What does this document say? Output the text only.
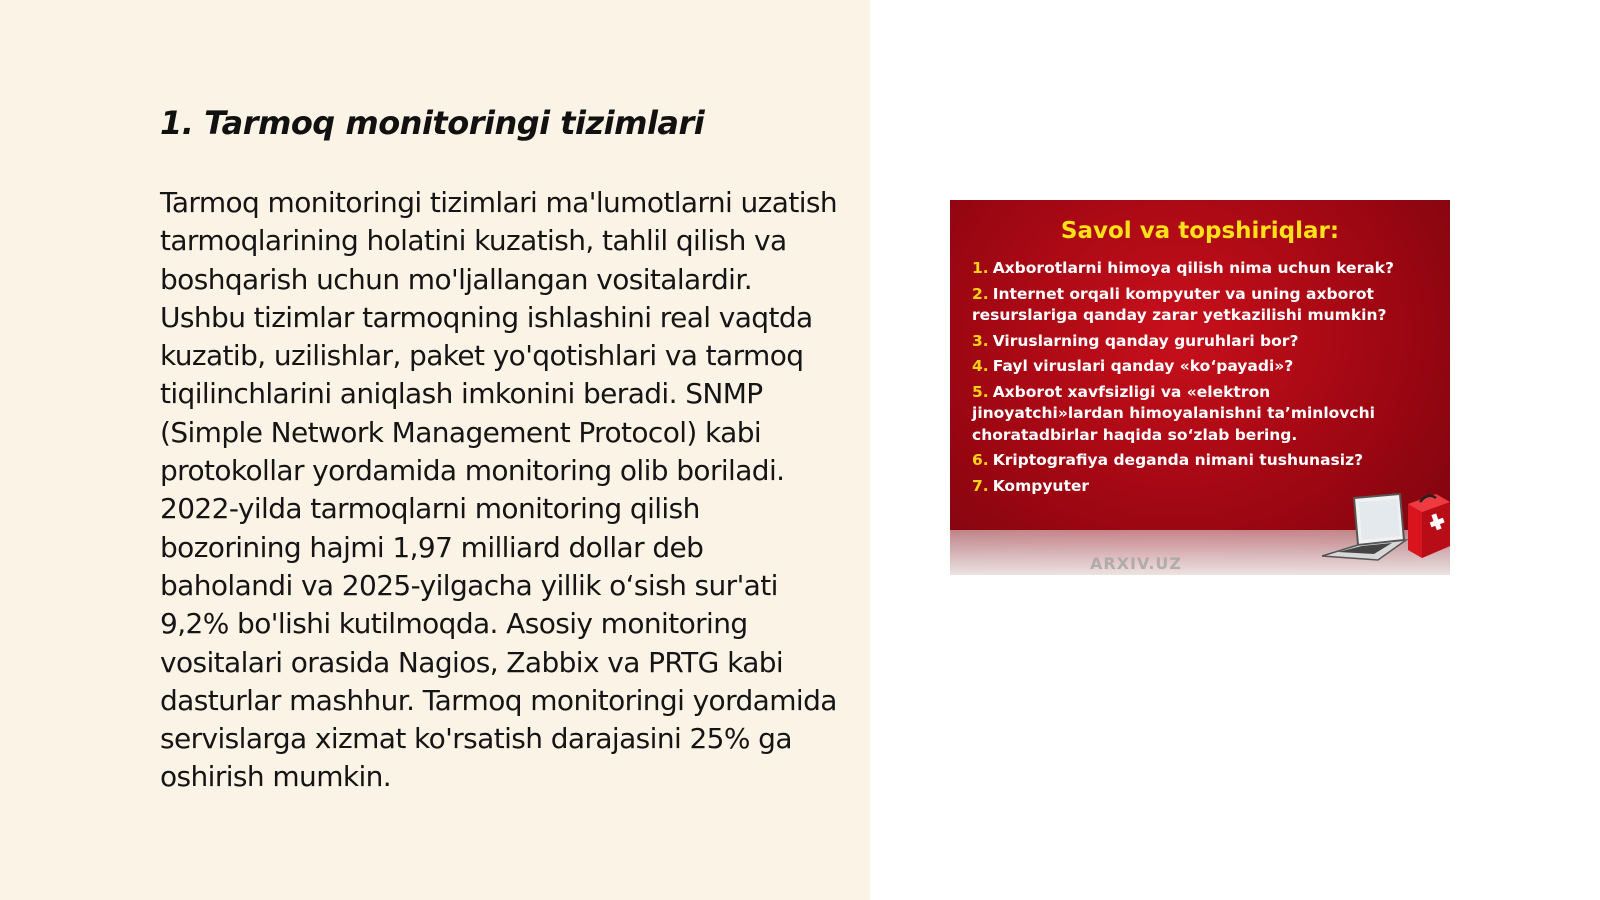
1. Tarmoq monitoringi tizimlari

Tarmoq monitoringi tizimlari ma'lumotlarni uzatish tarmoqlarining holatini kuzatish, tahlil qilish va boshqarish uchun mo'ljallangan vositalardir. Ushbu tizimlar tarmoqning ishlashini real vaqtda kuzatib, uzilishlar, paket yo'qotishlari va tarmoq tiqilinchlarini aniqlash imkonini beradi. SNMP (Simple Network Management Protocol) kabi protokollar yordamida monitoring olib boriladi. 2022-yilda tarmoqlarni monitoring qilish bozorining hajmi 1,97 milliard dollar deb baholandi va 2025-yilgacha yillik o‘sish sur'ati 9,2% bo'lishi kutilmoqda. Asosiy monitoring vositalari orasida Nagios, Zabbix va PRTG kabi dasturlar mashhur. Tarmoq monitoringi yordamida servislarga xizmat ko'rsatish darajasini 25% ga oshirish mumkin.

Savol va topshiriqlar:
1. Axborotlarni himoya qilish nima uchun kerak?
2. Internet orqali kompyuter va uning axborot resurslariga qanday zarar yetkazilishi mumkin?
3. Viruslarning qanday guruhlari bor?
4. Fayl viruslari qanday «ko‘payadi»?
5. Axborot xavfsizligi va «elektron jinoyatchi»lardan himoyalanishni ta’minlovchi choratadbirlar haqida so‘zlab bering.
6. Kriptografiya deganda nimani tushunasiz?
7. Kompyuter
ARXIV.UZ
